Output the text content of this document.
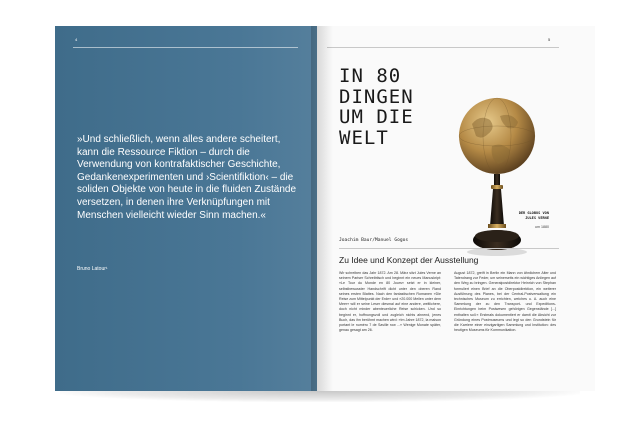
4
»Und schließlich, wenn alles andere scheitert, kann die Ressource Fiktion – durch die Verwendung von kontrafaktischer Geschichte, Gedankenexperimenten und ›Scientifiktion‹ – die soliden Objekte von heute in die fluiden Zustände versetzen, in denen ihre Verknüpfungen mit Menschen vielleicht wieder Sinn machen.«
Bruno Latour¹
5
IN 80 DINGEN UM DIE WELT
DER GLOBUS VON JULES VERNE
um 1880
Joachim Baur/Manuel Gogos
Zu Idee und Konzept der Ausstellung
Wir schreiben das Jahr 1872. Am 28. März sitzt Jules Verne an seinem Pariser Schreibtisch und beginnt ein neues Manuskript: »Le Tour du Monde en 80 Jours« setzt er in kleiner, selbstbewusster Handschrift dicht unter den oberen Rand seines ersten Blattes. Nach den fantastischen Romanen »Die Reise zum Mittelpunkt der Erde« und »20.000 Meilen unter dem Meer« will er seine Leser diesmal auf eine andere, weltlichere, doch nicht minder abenteuerliche Reise schicken. Und so beginnt er, hoffnungsvoll und zugleich nichts ahnend, jenes Buch, das ihn berühmt machen wird: »Im Jahre 1872, la maison portant le numéro 7 de Saville row ...« Wenige Monate später, genau gesagt am 26.
August 1872, greift in Berlin ein Mann von ähnlichem Alter und Tatendrang zur Feder, um seinerseits ein wichtiges Anliegen auf den Weg zu bringen. Generalpostdirektor Heinrich von Stephan formuliert einen Brief an die Oberpostdirektion, ein weiterer Ausführung des Planes, bei der Central-Postverwaltung ein technisches Museum zu errichten, welches u. A. auch eine Sammlung der zu den Transport- und Expeditions-Einrichtungen beim Postwesen gehörigen Gegenstände [...] enthalten soll.« Erstmals dokumentiert er damit die Absicht zur Gründung eines Postmuseums und legt so den Grundstein für die Karriere einer einzigartigen Sammlung und Institution: des heutigen Museums für Kommunikation.
